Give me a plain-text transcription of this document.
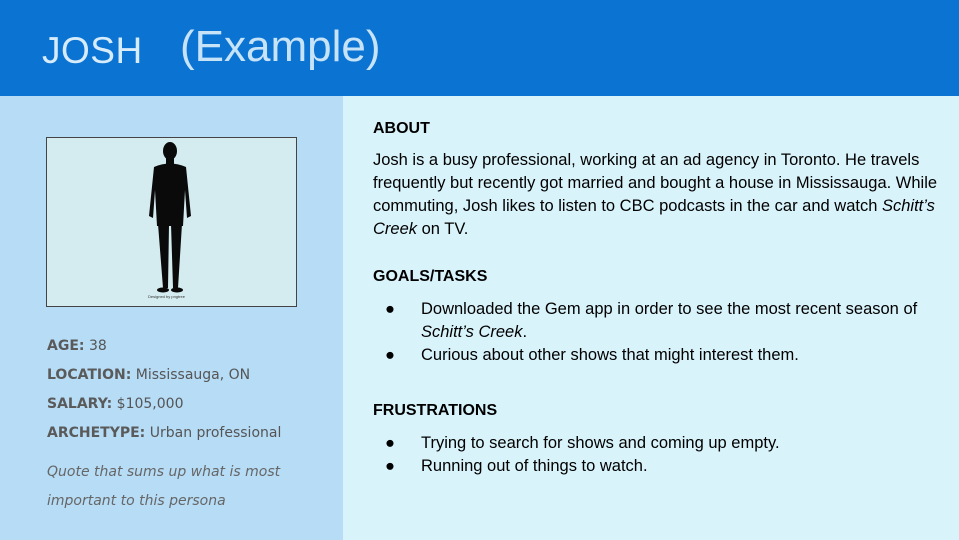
JOSH (Example)
Designed by pngtree
AGE: 38
LOCATION: Mississauga, ON
SALARY: $105,000
ARCHETYPE: Urban professional
Quote that sums up what is most important to this persona
ABOUT

Josh is a busy professional, working at an ad agency in Toronto. He travels frequently but recently got married and bought a house in Mississauga. While commuting, Josh likes to listen to CBC podcasts in the car and watch Schitt’s Creek on TV.

GOALS/TASKS
● Downloaded the Gem app in order to see the most recent season of Schitt’s Creek.
● Curious about other shows that might interest them.
FRUSTRATIONS
● Trying to search for shows and coming up empty.
● Running out of things to watch.
